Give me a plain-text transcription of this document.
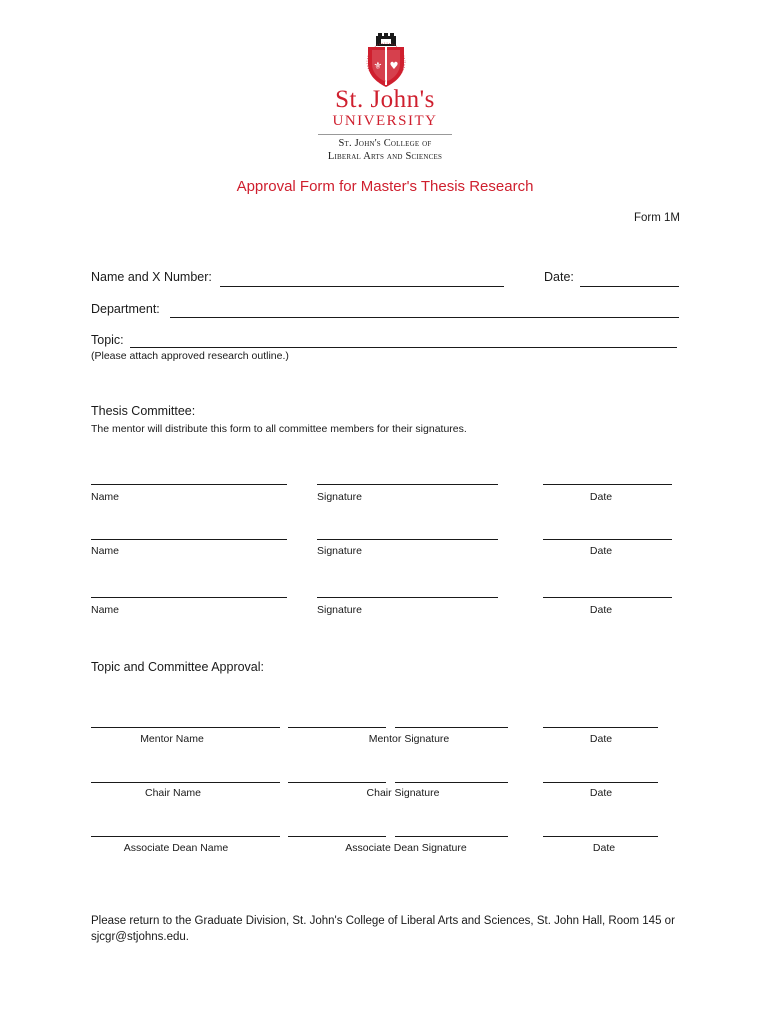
⚜ ♥
St. John's
UNIVERSITY
St. John's College of
Liberal Arts and Sciences
Approval Form for Master's Thesis Research
Form 1M
Name and X Number:	Date:
Department:
Topic:
(Please attach approved research outline.)
Thesis Committee:
The mentor will distribute this form to all committee members for their signatures.
Name	Signature	Date
Name	Signature	Date
Name	Signature	Date
Topic and Committee Approval:
Mentor Name	Mentor Signature	Date
Chair Name	Chair Signature	Date
Associate Dean Name	Associate Dean Signature	Date
Please return to the Graduate Division, St. John's College of Liberal Arts and Sciences, St. John Hall, Room 145 or sjcgr@stjohns.edu.
